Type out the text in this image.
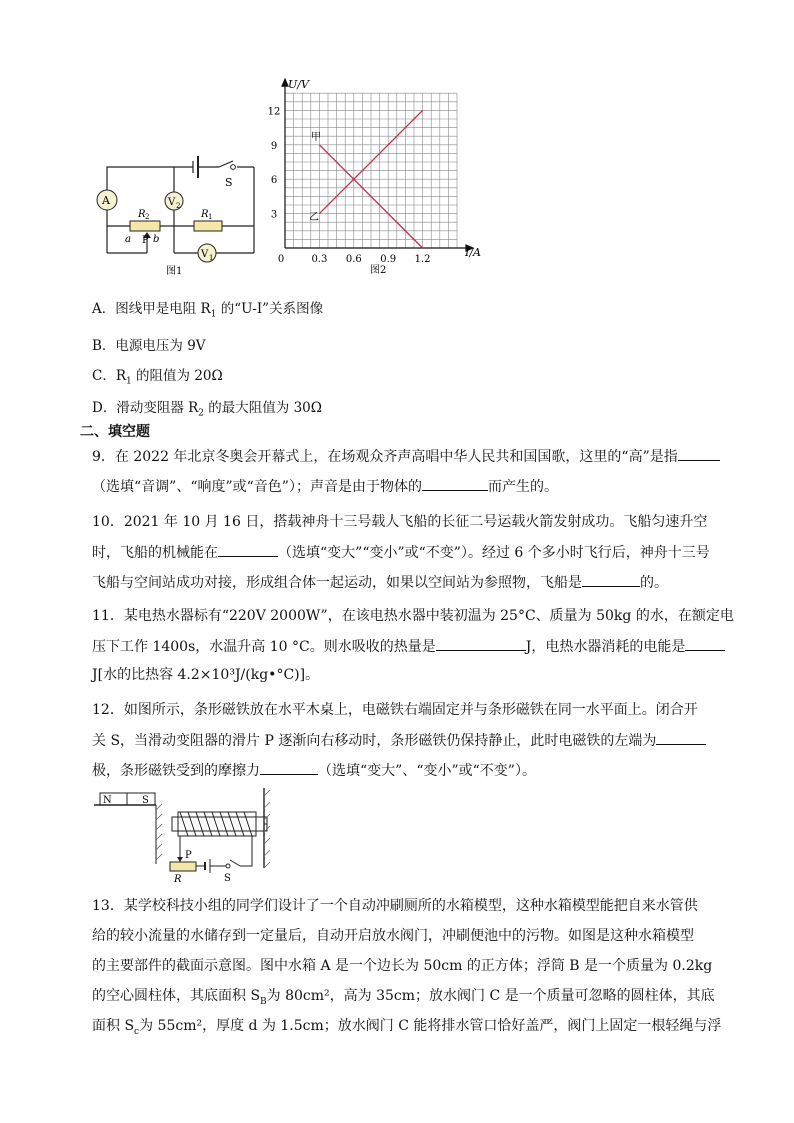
A	V 2
V 1
R 2	R 1
S
a P b
图1
12
9
6
3
0	0.3 0.6 0.9 1.2
U/V
I/A
甲
乙
图2
A．图线甲是电阻 $R_1$ 的“U-I”关系图像
B．电源电压为 9V
C．$R_1$ 的阻值为 20Ω
D．滑动变阻器 $R_2$ 的最大阻值为 30Ω
二、填空题
9．在 2022 年北京冬奥会开幕式上，在场观众齐声高唱中华人民共和国国歌，这里的“高”是指
（选填“音调”、“响度”或“音色”）；声音是由于物体的	而产生的。
10．2021 年 10 月 16 日，搭载神舟十三号载人飞船的长征二号运载火箭发射成功。飞船匀速升空
时，飞船的机械能在	（选填“变大”“变小”或“不变”）。经过 6 个多小时飞行后，神舟十三号
飞船与空间站成功对接，形成组合体一起运动，如果以空间站为参照物，飞船是	的。
11．某电热水器标有“220V 2000W”，在该电热水器中装初温为 25°C、质量为 50kg 的水，在额定电
压下工作 1400s，水温升高 10 °C。则水吸收的热量是	J，电热水器消耗的电能是
J[水的比热容 4.2×10³J/(kg•°C)]。
12．如图所示，条形磁铁放在水平木桌上，电磁铁右端固定并与条形磁铁在同一水平面上。闭合开
关 S，当滑动变阻器的滑片 P 逐渐向右移动时，条形磁铁仍保持静止，此时电磁铁的左端为
极，条形磁铁受到的摩擦力	（选填“变大”、“变小”或“不变”）。
N	S
P
R	S
13．某学校科技小组的同学们设计了一个自动冲刷厕所的水箱模型，这种水箱模型能把自来水管供
给的较小流量的水储存到一定量后，自动开启放水阀门，冲刷便池中的污物。如图是这种水箱模型
的主要部件的截面示意图。图中水箱 A 是一个边长为 50cm 的正方体；浮筒 B 是一个质量为 0.2kg
的空心圆柱体，其底面积 $S_B$为 80cm²，高为 35cm；放水阀门 C 是一个质量可忽略的圆柱体，其底
面积 $S_c$为 55cm²，厚度 d 为 1.5cm；放水阀门 C 能将排水管口恰好盖严，阀门上固定一根轻绳与浮
